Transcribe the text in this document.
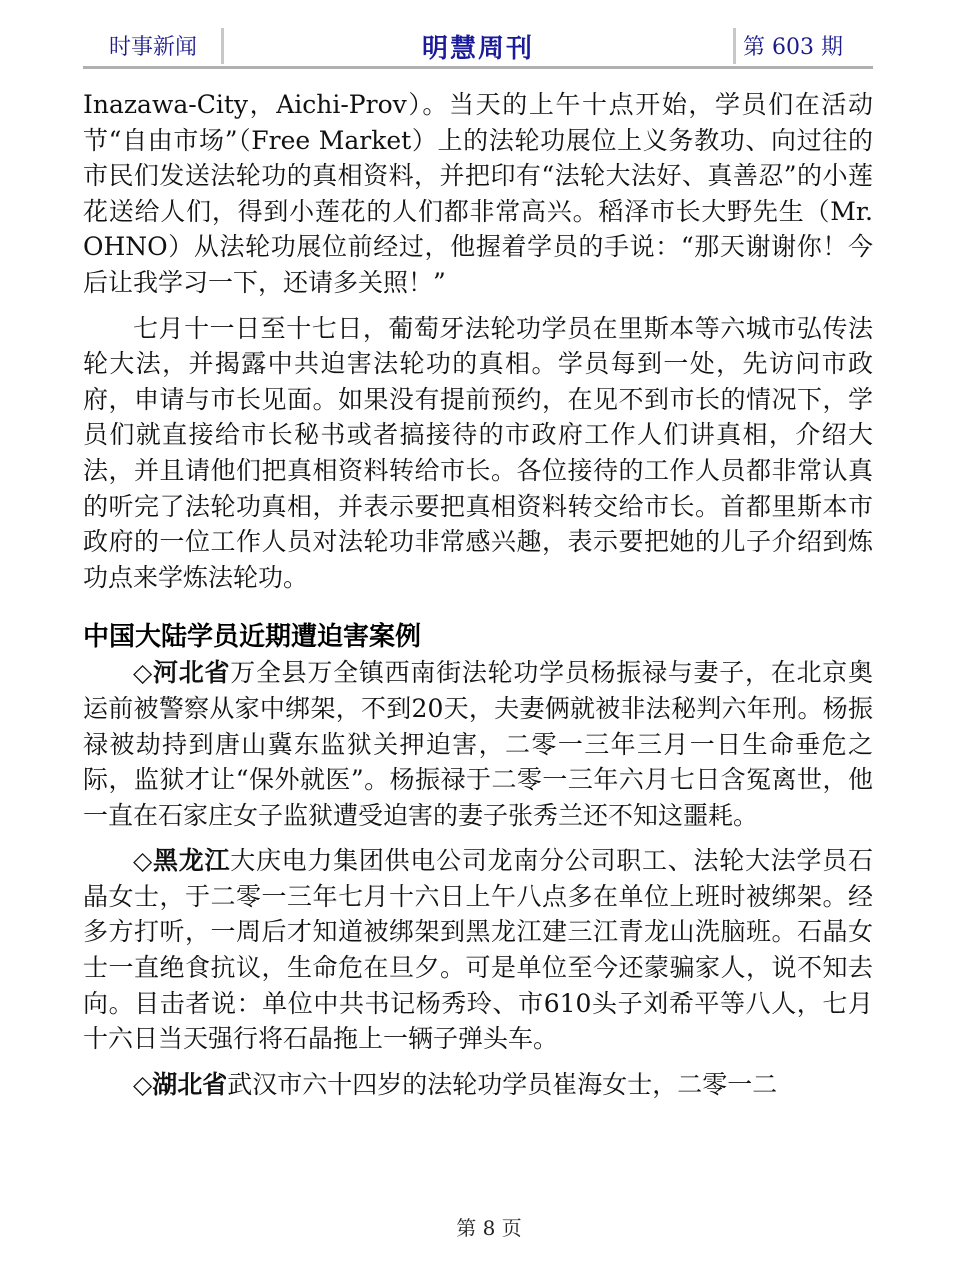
时事新闻	明慧周刊	第 603 期

Inazawa-City，Aichi-Prov）。当天的上午十点开始，学员们在活动节“自由市场”（Free Market）上的法轮功展位上义务教功、向过往的市民们发送法轮功的真相资料，并把印有“法轮大法好、真善忍”的小莲花送给人们，得到小莲花的人们都非常高兴。稻泽市长大野先生（Mr. OHNO）从法轮功展位前经过，他握着学员的手说：“那天谢谢你！今后让我学习一下，还请多关照！”

七月十一日至十七日，葡萄牙法轮功学员在里斯本等六城市弘传法轮大法，并揭露中共迫害法轮功的真相。学员每到一处，先访问市政府，申请与市长见面。如果没有提前预约，在见不到市长的情况下，学员们就直接给市长秘书或者搞接待的市政府工作人们讲真相，介绍大法，并且请他们把真相资料转给市长。各位接待的工作人员都非常认真的听完了法轮功真相，并表示要把真相资料转交给市长。首都里斯本市政府的一位工作人员对法轮功非常感兴趣，表示要把她的儿子介绍到炼功点来学炼法轮功。

中国大陆学员近期遭迫害案例

◇河北省万全县万全镇西南街法轮功学员杨振禄与妻子，在北京奥运前被警察从家中绑架，不到20天，夫妻俩就被非法秘判六年刑。杨振禄被劫持到唐山冀东监狱关押迫害，二零一三年三月一日生命垂危之际，监狱才让“保外就医”。杨振禄于二零一三年六月七日含冤离世，他一直在石家庄女子监狱遭受迫害的妻子张秀兰还不知这噩耗。

◇黑龙江大庆电力集团供电公司龙南分公司职工、法轮大法学员石晶女士，于二零一三年七月十六日上午八点多在单位上班时被绑架。经多方打听，一周后才知道被绑架到黑龙江建三江青龙山洗脑班。石晶女士一直绝食抗议，生命危在旦夕。可是单位至今还蒙骗家人，说不知去向。目击者说：单位中共书记杨秀玲、市610头子刘希平等八人，七月十六日当天强行将石晶拖上一辆子弹头车。

◇湖北省武汉市六十四岁的法轮功学员崔海女士，二零一二

第 8 页
